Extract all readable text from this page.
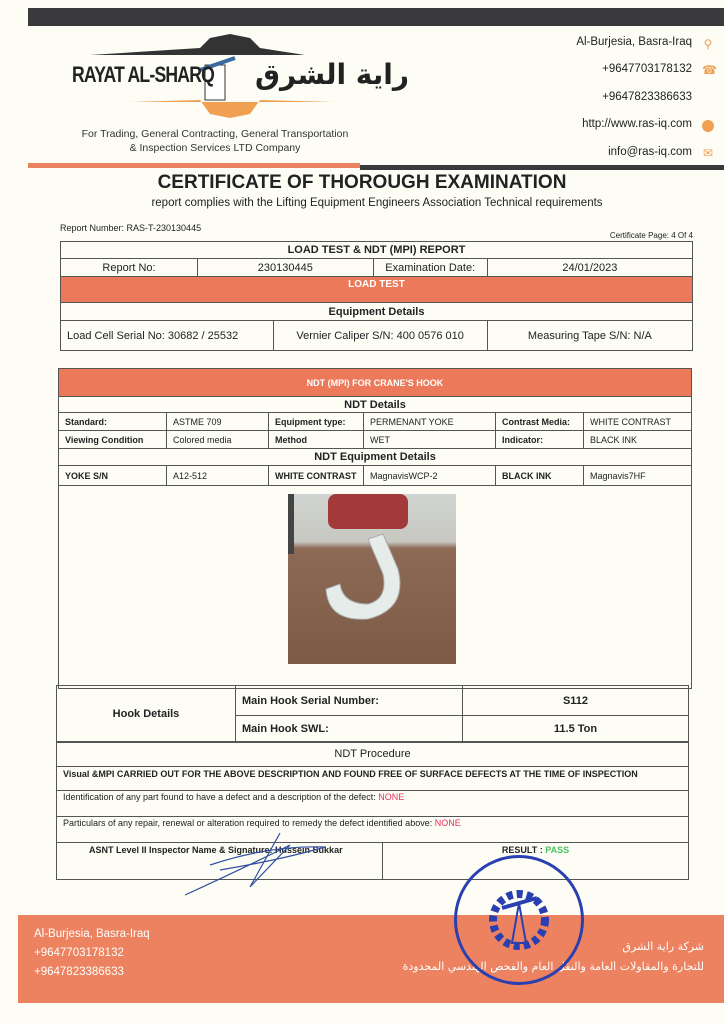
RAYAT AL-SHARQ راية الشرق
For Trading, General Contracting, General Transportation
& Inspection Services LTD Company
Al-Burjesia, Basra-Iraq ⚲
+9647703178132 ☎
+9647823386633
http://www.ras-iq.com
info@ras-iq.com ✉
CERTIFICATE OF THOROUGH EXAMINATION
report complies with the Lifting Equipment Engineers Association Technical requirements
Report Number: RAS-T-230130445
Certificate Page: 4 Of 4
LOAD TEST & NDT (MPI) REPORT				
Report No:	230130445		Examination Date:	24/01/2023
LOAD TEST				
Equipment Details				
Load Cell Serial No: 30682 / 25532		Vernier Caliper S/N: 400 0576 010		Measuring Tape S/N: N/A
NDT (MPI) FOR CRANE'S HOOK					
NDT Details					
Standard:	ASTME 709	Equipment type:	PERMENANT YOKE	Contrast Media:	WHITE CONTRAST
Viewing Condition	Colored media	Method	WET	Indicator:	BLACK INK
NDT Equipment Details					
YOKE S/N	A12-512	WHITE CONTRAST	MagnavisWCP-2	BLACK INK	Magnavis7HF

Hook Details	Main Hook Serial Number:	S112
	Main Hook SWL:	11.5 Ton
NDT Procedure
Visual &MPI CARRIED OUT FOR THE ABOVE DESCRIPTION AND FOUND FREE OF SURFACE DEFECTS AT THE TIME OF INSPECTION
Identification of any part found to have a defect and a description of the defect: NONE
Particulars of any repair, renewal or alteration required to remedy the defect identified above: NONE
ASNT Level II Inspector Name & Signature: Hussein Sukkar	RESULT : PASS
Al-Burjesia, Basra-Iraq
+9647703178132
+9647823386633
شركة راية الشرق
للتجارة والمقاولات العامة والنقل العام والفحص الهندسي المحدودة
